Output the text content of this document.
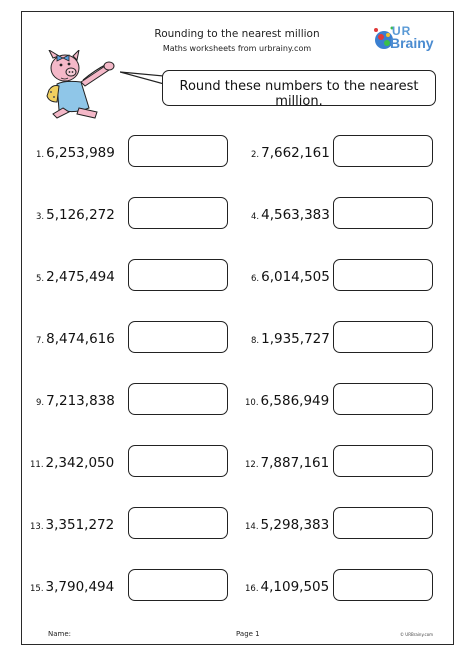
Rounding to the nearest million
Maths worksheets from urbrainy.com
UR
Brainy
Round these numbers to the nearest million.
1. 6,253,989	2. 7,662,161
3. 5,126,272	4. 4,563,383
5. 2,475,494	6. 6,014,505
7. 8,474,616	8. 1,935,727
9. 7,213,838	10. 6,586,949
11. 2,342,050	12. 7,887,161
13. 3,351,272	14. 5,298,383
15. 3,790,494	16. 4,109,505
Name:	Page 1	© URBrainy.com
